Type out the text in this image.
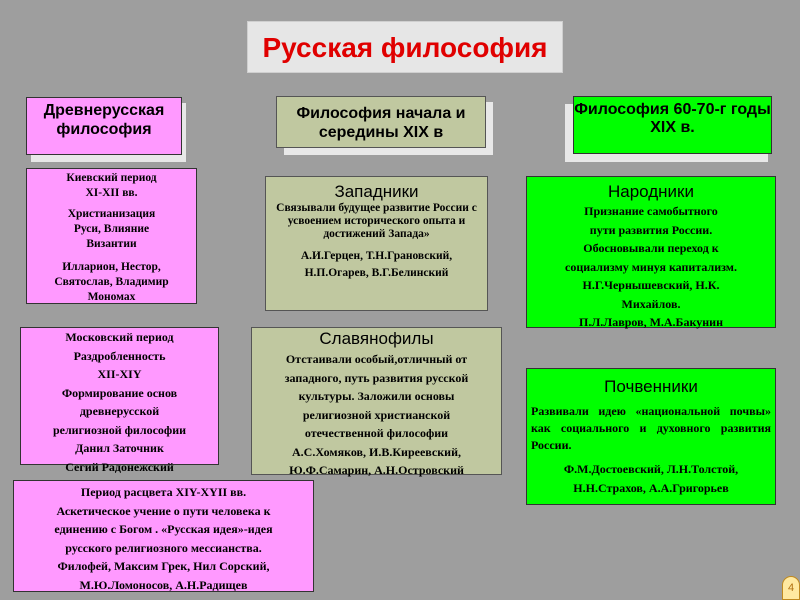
Русская философия
Древнерусская философия
Философия начала и середины XIX в
Философия 60-70-г годы XIX в.
Киевский период
XI-XII вв.
Христианизация
Руси, Влияние
Византии
Илларион, Нестор,
Святослав, Владимир
Мономах
Московский период
Раздробленность
XII-XIY
Формирование основ
древнерусской
религиозной философии
Данил Заточник
Сегий Радонежский
Период расцвета XIY-XYII вв.
Аскетическое учение о пути человека к
единению с Богом . «Русская идея»-идея
русского религиозного мессианства.
Филофей, Максим Грек, Нил Сорский,
М.Ю.Ломоносов, А.Н.Радищев
Западники
Связывали будущее развитие России с усвоением исторического опыта и достижений Запада»
А.И.Герцен, Т.Н.Грановский,
Н.П.Огарев, В.Г.Белинский
Славянофилы
Отстаивали особый,отличный от
западного, путь развития русской
культуры. Заложили основы
религиозной христианской
отечественной философии
А.С.Хомяков, И.В.Киреевский,
Ю.Ф.Самарин, А.Н.Островский
Народники
Признание самобытного
пути развития России.
Обосновывали переход к
социализму минуя капитализм.
Н.Г.Чернышевский, Н.К.
Михайлов.
П.Л.Лавров, М.А.Бакунин
Почвенники
Развивали идею «национальной почвы» как социального и духовного развития России.
Ф.М.Достоевский, Л.Н.Толстой,
Н.Н.Страхов, А.А.Григорьев
4
